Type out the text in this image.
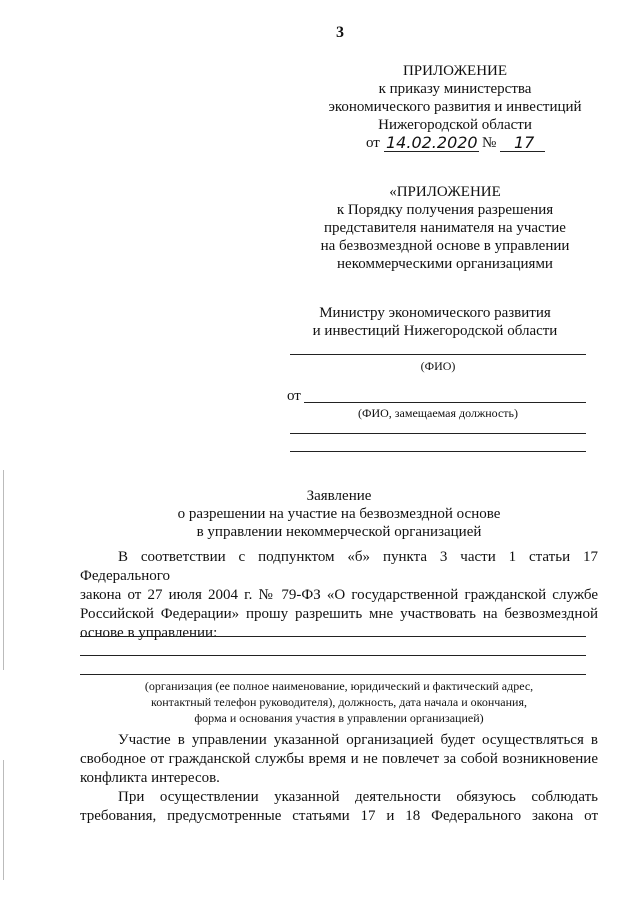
3
ПРИЛОЖЕНИЕ
к приказу министерства
экономического развития и инвестиций
Нижегородской области
от 14.02.2020 № 17
«ПРИЛОЖЕНИЕ
к Порядку получения разрешения
представителя нанимателя на участие
на безвозмездной основе в управлении
некоммерческими организациями
Министру экономического развития
и инвестиций Нижегородской области
(ФИО)
от
(ФИО, замещаемая должность)
Заявление
о разрешении на участие на безвозмездной основе
в управлении некоммерческой организацией
В соответствии с подпунктом «б» пункта 3 части 1 статьи 17 Федерального
закона от 27 июля 2004 г. № 79-ФЗ «О государственной гражданской службе
Российской Федерации» прошу разрешить мне участвовать на безвозмездной
основе в управлении:
(организация (ее полное наименование, юридический и фактический адрес,
контактный телефон руководителя), должность, дата начала и окончания,
форма и основания участия в управлении организацией)
Участие в управлении указанной организацией будет осуществляться в
свободное от гражданской службы время и не повлечет за собой возникновение
конфликта интересов.
При осуществлении указанной деятельности обязуюсь соблюдать
требования, предусмотренные статьями 17 и 18 Федерального закона от
